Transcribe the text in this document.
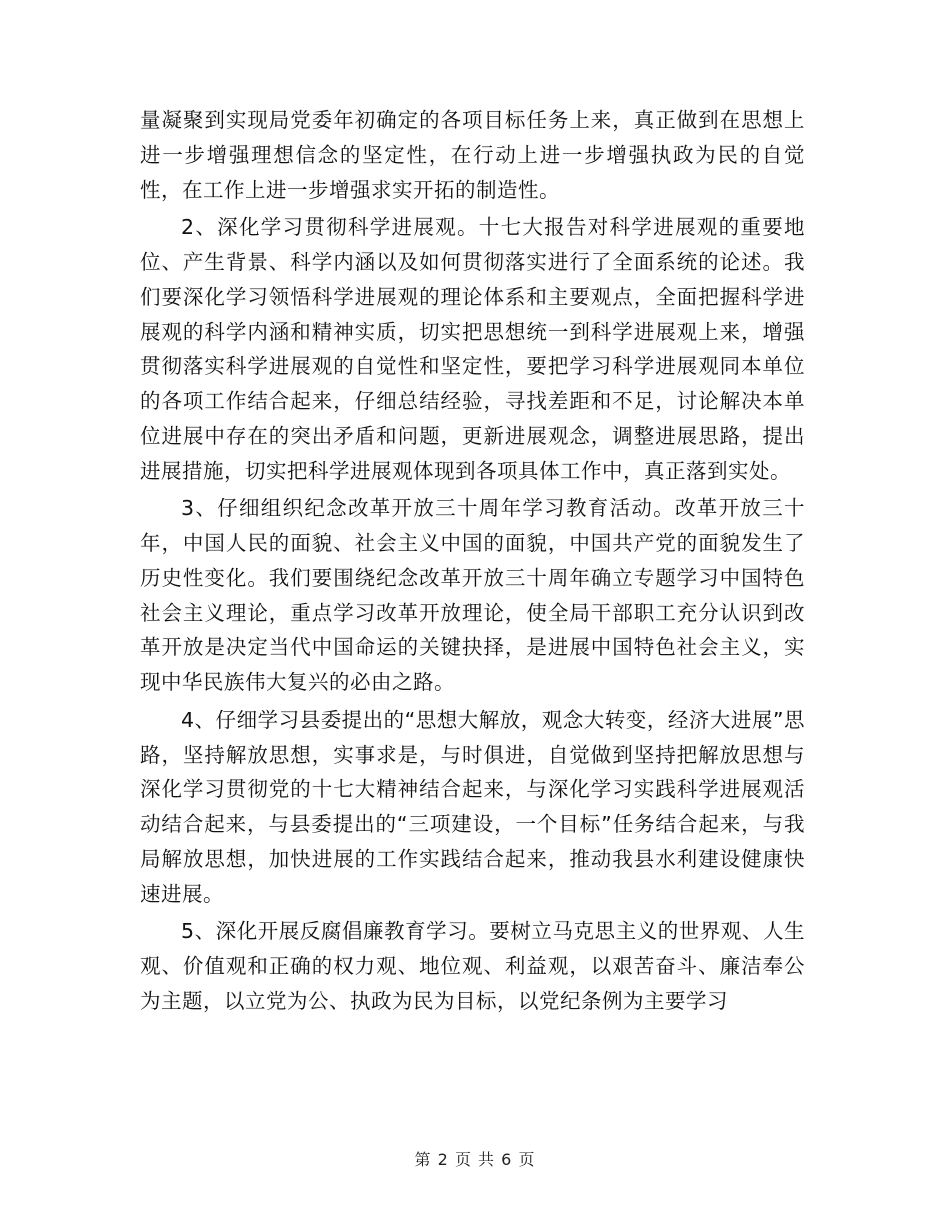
量凝聚到实现局党委年初确定的各项目标任务上来，真正做到在思想上进一步增强理想信念的坚定性，在行动上进一步增强执政为民的自觉性，在工作上进一步增强求实开拓的制造性。

2、深化学习贯彻科学进展观。十七大报告对科学进展观的重要地位、产生背景、科学内涵以及如何贯彻落实进行了全面系统的论述。我们要深化学习领悟科学进展观的理论体系和主要观点，全面把握科学进展观的科学内涵和精神实质，切实把思想统一到科学进展观上来，增强贯彻落实科学进展观的自觉性和坚定性，要把学习科学进展观同本单位的各项工作结合起来，仔细总结经验，寻找差距和不足，讨论解决本单位进展中存在的突出矛盾和问题，更新进展观念，调整进展思路，提出进展措施，切实把科学进展观体现到各项具体工作中，真正落到实处。

3、仔细组织纪念改革开放三十周年学习教育活动。改革开放三十年，中国人民的面貌、社会主义中国的面貌，中国共产党的面貌发生了历史性变化。我们要围绕纪念改革开放三十周年确立专题学习中国特色社会主义理论，重点学习改革开放理论，使全局干部职工充分认识到改革开放是决定当代中国命运的关键抉择，是进展中国特色社会主义，实现中华民族伟大复兴的必由之路。

4、仔细学习县委提出的“思想大解放，观念大转变，经济大进展”思路，坚持解放思想，实事求是，与时俱进，自觉做到坚持把解放思想与深化学习贯彻党的十七大精神结合起来，与深化学习实践科学进展观活动结合起来，与县委提出的“三项建设，一个目标”任务结合起来，与我局解放思想，加快进展的工作实践结合起来，推动我县水利建设健康快速进展。

5、深化开展反腐倡廉教育学习。要树立马克思主义的世界观、人生观、价值观和正确的权力观、地位观、利益观，以艰苦奋斗、廉洁奉公为主题，以立党为公、执政为民为目标，以党纪条例为主要学习

第 2 页 共 6 页
